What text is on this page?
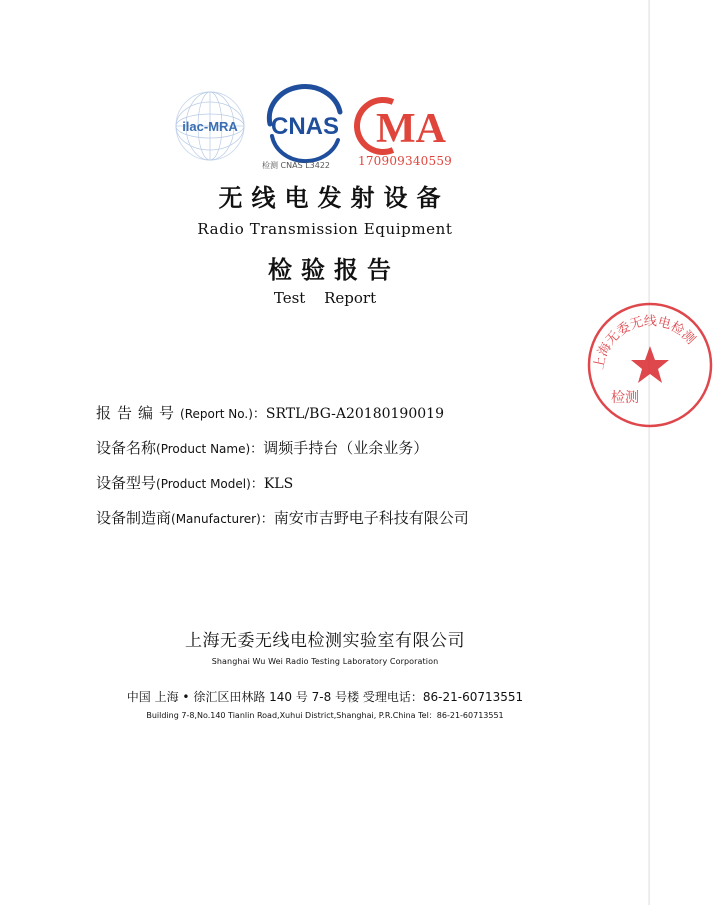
ilac-MRA CNAS MA
检测 CNAS L3422 170909340559
无线电发射设备
Radio Transmission Equipment
检验报告
Test Report
报告编号 (Report No.) ： SRTL/BG-A20180190019
设备名称 (Product Name) ： 调频手持台（业余业务）
设备型号 (Product Model) ： KLS
设备制造商 (Manufacturer) ： 南安市吉野电子科技有限公司
上海无委无线电检测实验室有限公司
Shanghai Wu Wei Radio Testing Laboratory Corporation
中国 上海 • 徐汇区田林路 140 号 7-8 号楼 受理电话：86-21-60713551
Building 7-8,No.140 Tianlin Road,Xuhui District,Shanghai, P.R.China Tel：86-21-60713551
上海无委无线电检测
检测
